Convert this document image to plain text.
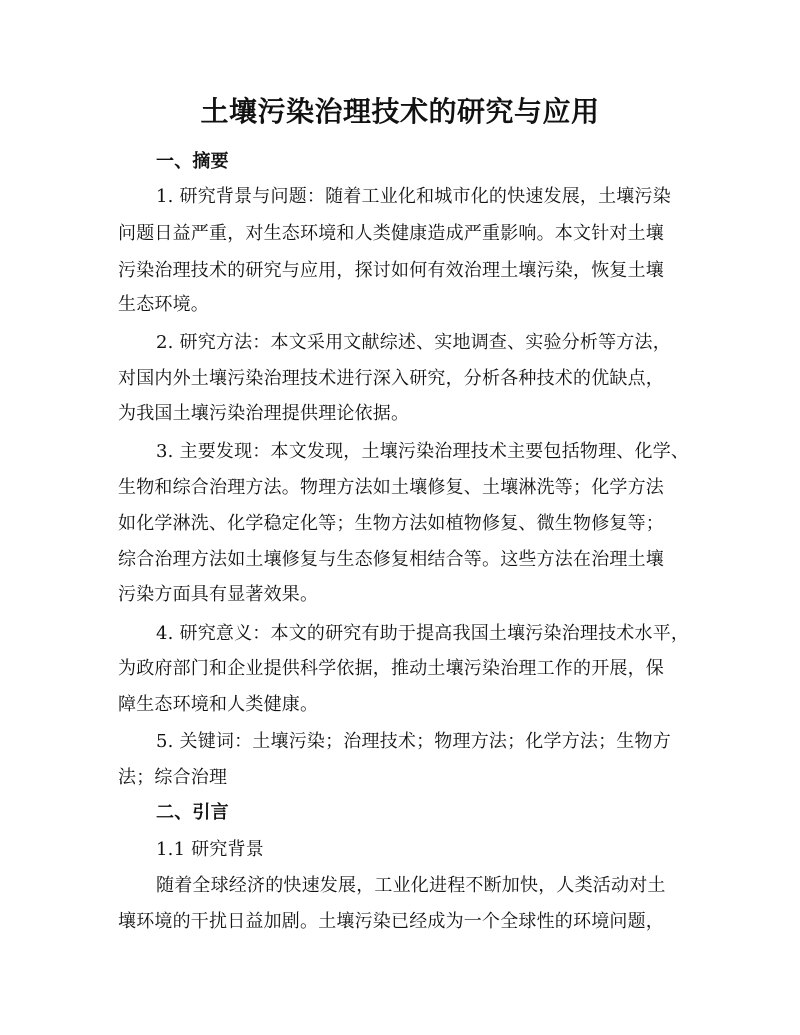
土壤污染治理技术的研究与应用
一、摘要
1. 研究背景与问题：随着工业化和城市化的快速发展，土壤污染
问题日益严重，对生态环境和人类健康造成严重影响。本文针对土壤
污染治理技术的研究与应用，探讨如何有效治理土壤污染，恢复土壤
生态环境。
2. 研究方法：本文采用文献综述、实地调查、实验分析等方法，
对国内外土壤污染治理技术进行深入研究，分析各种技术的优缺点，
为我国土壤污染治理提供理论依据。
3. 主要发现：本文发现，土壤污染治理技术主要包括物理、化学、
生物和综合治理方法。物理方法如土壤修复、土壤淋洗等；化学方法
如化学淋洗、化学稳定化等；生物方法如植物修复、微生物修复等；
综合治理方法如土壤修复与生态修复相结合等。这些方法在治理土壤
污染方面具有显著效果。
4. 研究意义：本文的研究有助于提高我国土壤污染治理技术水平，
为政府部门和企业提供科学依据，推动土壤污染治理工作的开展，保
障生态环境和人类健康。
5. 关键词：土壤污染；治理技术；物理方法；化学方法；生物方
法；综合治理
二、引言
1.1 研究背景
随着全球经济的快速发展，工业化进程不断加快，人类活动对土
壤环境的干扰日益加剧。土壤污染已经成为一个全球性的环境问题，
